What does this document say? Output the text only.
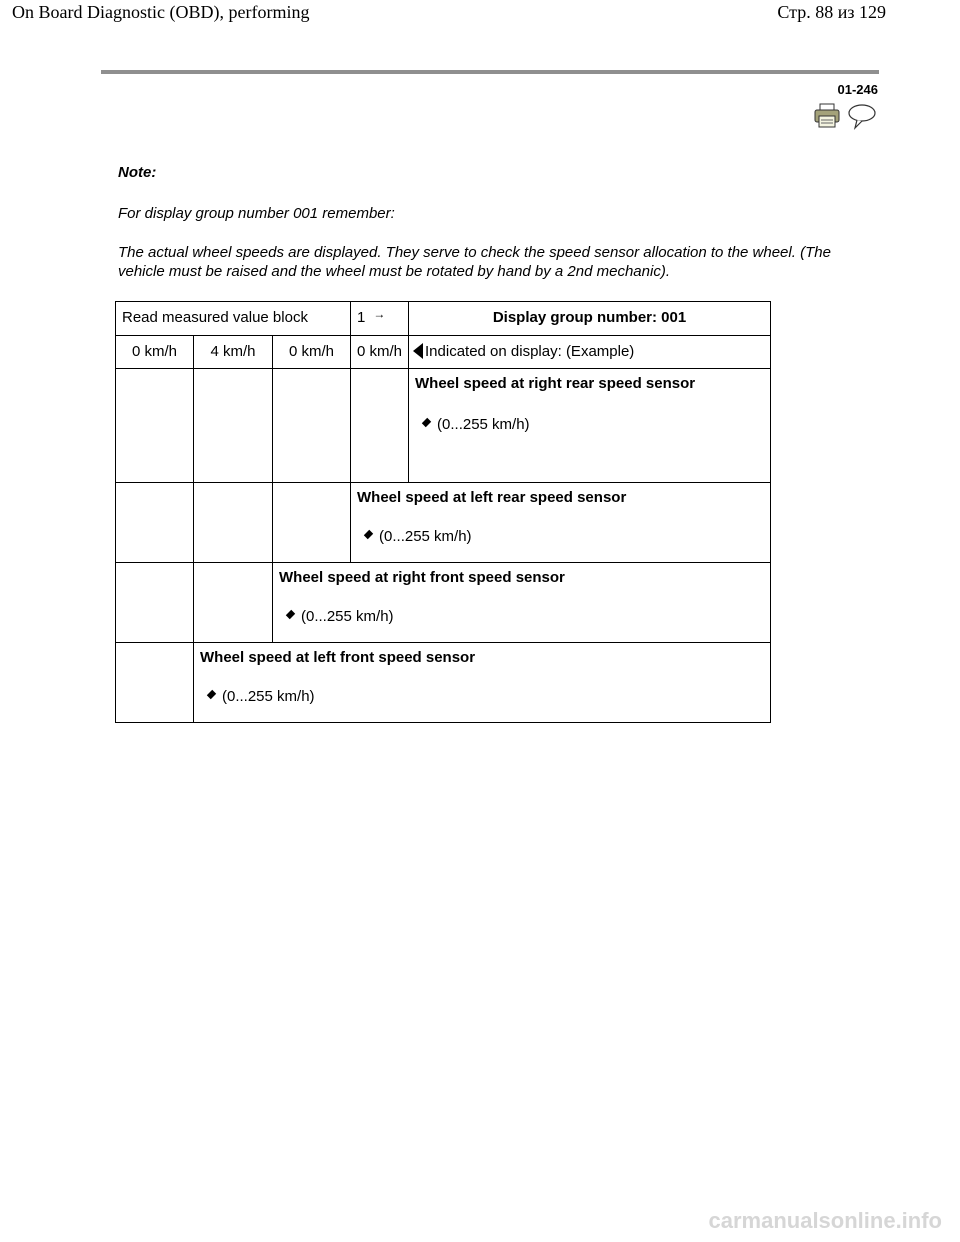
On Board Diagnostic (OBD), performing	Стр. 88 из 129
01-246
Note:
For display group number 001 remember:
The actual wheel speeds are displayed. They serve to check the speed sensor allocation to the wheel. (The vehicle must be raised and the wheel must be rotated by hand by a 2nd mechanic).
Read measured value block			1 →	Display group number: 001
0 km/h	4 km/h	0 km/h	0 km/h	Indicated on display: (Example)

				Wheel speed at right rear speed sensor
(0...255 km/h)

			Wheel speed at left rear speed sensor
(0...255 km/h)	

		Wheel speed at right front speed sensor
(0...255 km/h)		

	Wheel speed at left front speed sensor
(0...255 km/h)			
carmanualsonline.info
